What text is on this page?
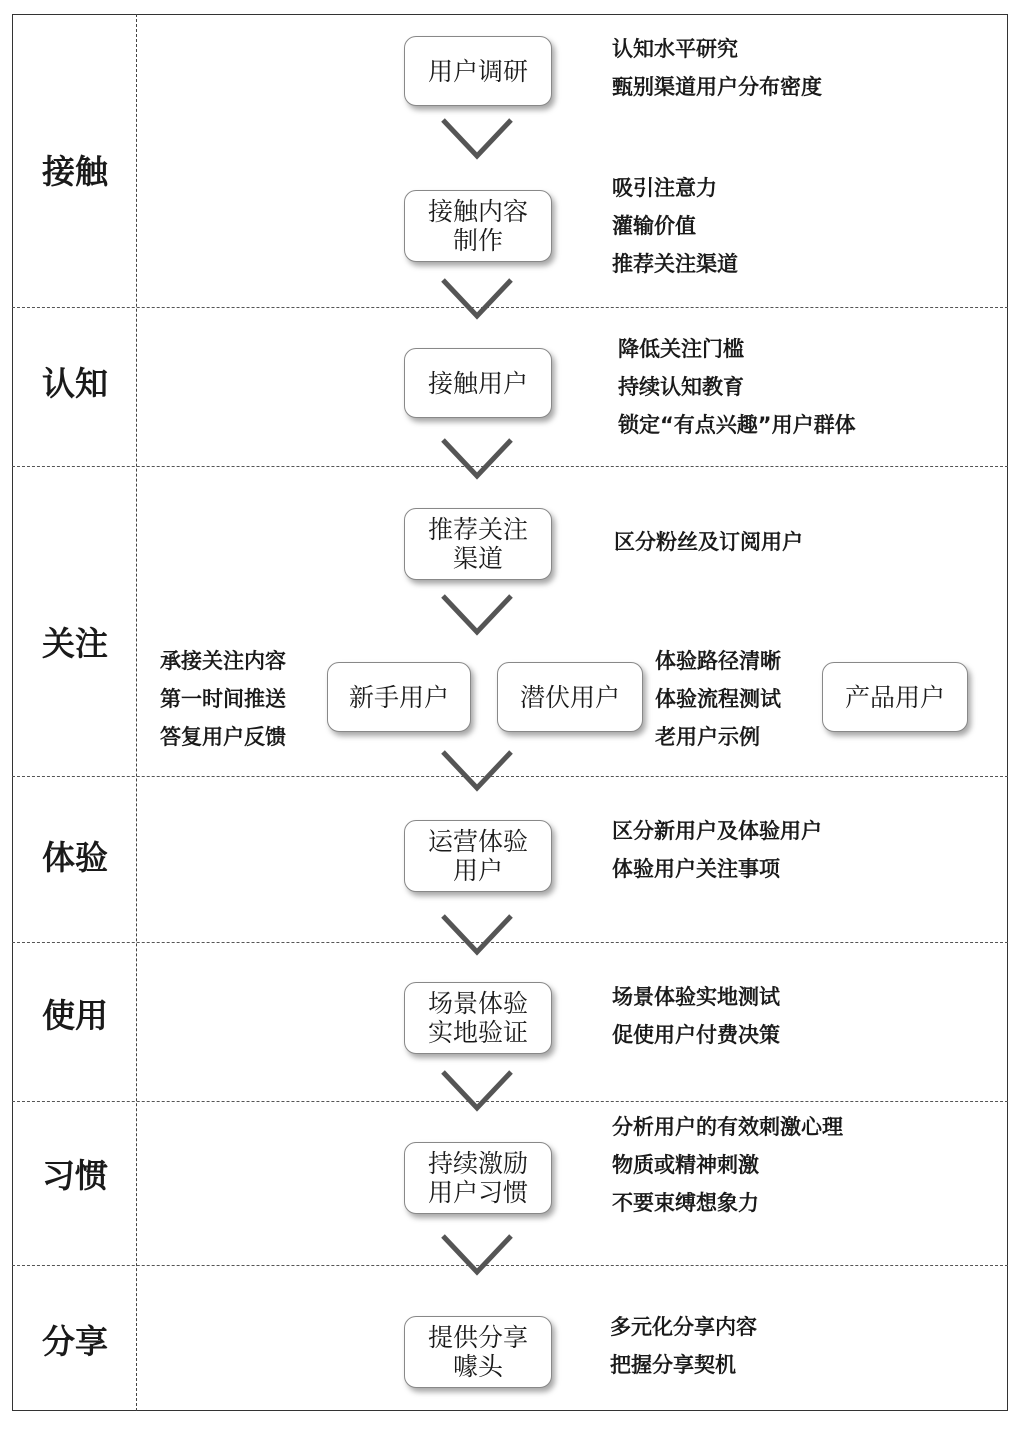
接触
认知
关注
体验
使用
习惯
分享
用户调研
接触内容
制作
接触用户
推荐关注
渠道
新手用户	潜伏用户	产品用户
运营体验
用户
场景体验
实地验证
持续激励
用户习惯
提供分享
噱头
认知水平研究
甄别渠道用户分布密度
吸引注意力
灌输价值
推荐关注渠道
降低关注门槛
持续认知教育
锁定“有点兴趣”用户群体
区分粉丝及订阅用户
承接关注内容
第一时间推送
答复用户反馈
体验路径清晰
体验流程测试
老用户示例
区分新用户及体验用户
体验用户关注事项
场景体验实地测试
促使用户付费决策
分析用户的有效刺激心理
物质或精神刺激
不要束缚想象力
多元化分享内容
把握分享契机
